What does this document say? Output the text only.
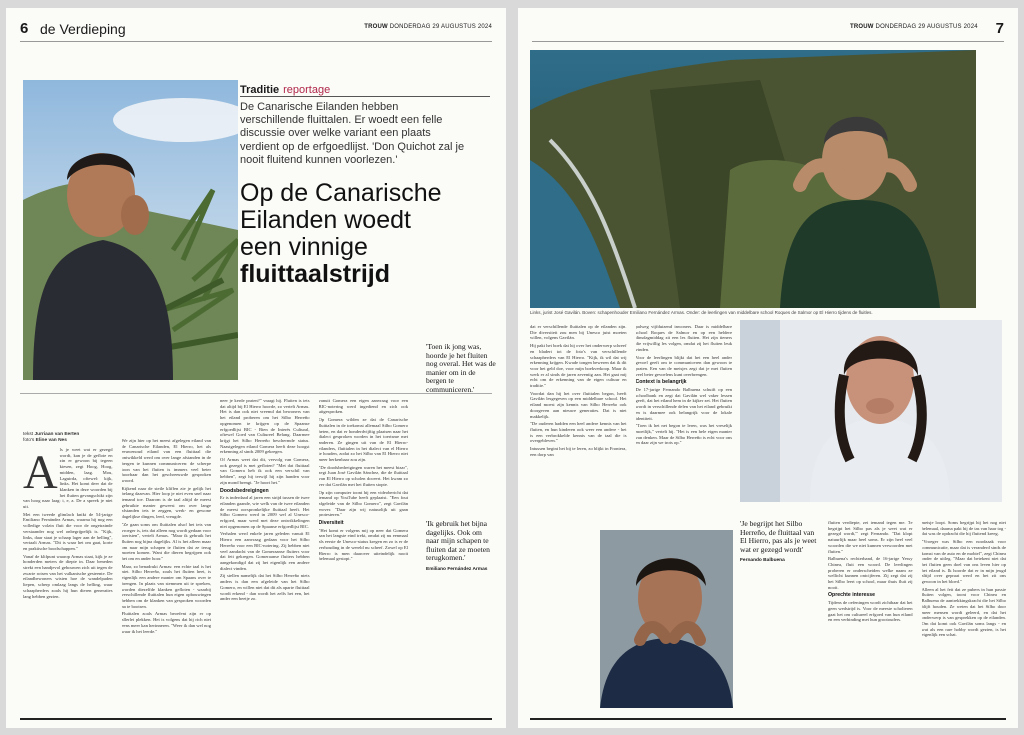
6 de Verdieping	TROUW DONDERDAG 29 AUGUSTUS 2024
Traditie reportage

De Canarische Eilanden hebben verschillende fluittalen. Er woedt een felle discussie over welke variant een plaats verdient op de erfgoedlijst. 'Don Quichot zal je nooit fluitend kunnen voorlezen.'

Op de Canarische
Eilanden woedt
een vinnige
fluittaalstrijd

'Toen ik jong was, hoorde je het fluiten nog overal. Het was de manier om in de bergen te communiceren.'

tekst Jurriaan van Eerten
foto's Eline van Nes
A ls je weet wat er gezegd wordt, kan je de geflote en zin er gewoon bij tegeen kiesen, zegt Hoog, Hoog, midden, laag. Mou, Laguirda, oftewel: kijk, links. Het komt deer dat de klanken in deze woorden bij het fluiten gevangschikt zijn van hoog naar laag: i, e, a. De a spreek je niet uit.

Met een tweede glimlach knikt de 54-jarige Emiliano Fernández Armas, waarna hij nog een volledige volzin fluit die voor de ongetrainde verstaander nog wel onbegrijpelijk is. "Kijk, links, daar staat je schaap lager aan de helling", vertaalt Armas. "Dit is waar het om gaat, korte en praktische boodschappen."

Vanaf de klifpunt waarop Armas staat, kijk je ze honderden meters de diepte in. Daar beneden strekt een handjevol gebouwen zich uit tegen de zwarte rotsen van het vulkanische gesteente. De eilandbewoners wisten hoe de wandelpaden liepen, scherp omlaag langs de helling, waar schaapherders zoals hij hun dieren generaties lang hebben gezien.

We zijn hier op het meest afgelegen eiland van de Canarische Eilanden, El Hierro, het als eeuwenoud eiland van een fluittaal die ontwikkeld werd om over lange afstanden in de bergen te kunnen communiceren: de scherpe toon van het fluiten is immers veel beter hoorbaar dan het geschreeuwde gesproken woord.

Kijkend naar de steile kliffen zie je gelijk het belang daarvan. Hier loop je niet even snel naar iemand toe. Daarom is de taal altijd de meest gebruikte manier geweest om over lange afstanden iets te zeggen, werk- en gewone dagelijkse dingen, leed, vreugde.

"Ze gaan soms om fluittalen alsof het iets van vroeger is, iets dat alleen nog wordt gedaan voor toeristen", vertelt Armas. "Maar ik gebruik het fluiten nog bijna dagelijks. Al is het alleen maar om naar mijn schapen te fluiten dat ze terug moeten komen. Want die dieren begrijpen ook het om en ander hoor."

Maar, zo benadrukt Armas: een echte taal is het niet. Silbo Herreño, zoals het fluiten heet, is eigenlijk een andere manier om Spaans over te brengen. In plaats van stemmen uit te spreken, worden diezelfde klanken gefloten - waarbij verschillende fluittalen hun eigen opbouwingen hebben om de klanken van gesproken woorden na te bootsen.

Fluittalen zoals Armas beoefent zijn er op allerlei plekken. Het is volgens dat hij rich niet eens meer kan herinneren. "Weer ik dan wel nog waar ik het leerde."

neer je kerde praten?" vraagt hij. Fluiten is iets dat altijd bij El Hierro hoorde, zo vertelt Armas. Het is dan ook niet vreemd dat bewoners van het eiland proberen om het Silbo Herreño opgenomen te krijgen op de Spaanse erfgoedlijst BIC - Bien de Interés Cultural, oftewel Goed van Cultureel Belang. Daarmee krijgt het Silbo Herreño beschermde status. Naastgelegen eiland Gomera heeft deze hoogst erkenning al sinds 2009 gekregen.

Of Armas weet dat dit, vervolg van Gomera, ook gezegd is met gefloten? "Met dat fluittaal van Gomera heb ik ook een verschil van hebben", zegt hij terwijl hij zijn handen voor zijn mond brengt. "Je hoort het."

Doodsbedreigingen

Er is inderdaad al jaren een strijd tussen de twee eilanden gaande, wie welk van de twee eilanden de meest oorspronkelijke fluittaal heeft. Het Silbo Gomero werd in 2009 wel al Unesco-erfgoed, maar werd met deze ontwikkelingen niet opgenomen op de Spaanse erfgoedlijst BIC.

Verhalen werd enkele jaren geleden vanuit El Hierro een aanvraag gedaan voor het Silbo Herreño voor een BIC-notering. Zij hebben niet veel aandacht van de Gomeraanse fluiters voor dat feit gekregen. Gomeraanse fluiters hebben aangekondigd dat zij het eigenlijk een andere dialect vinden.

Zij stellen namelijk dat het Silbo Herreño niets anders is dan een afgeleide van het Silbo Gomero, en willen niet dat dit als aparte fluittaal wordt erkend - dan wordt het zelfs het een, het ander een beetje zo.

vanuit Gomera een eigen aanvraag voor een BIC-notering werd ingediend en zich ook uitgesproken.

Op Gomera wilden ze dat de Canarische fluittalen in de toekomst allemaal Silbo Gomero heten, en dat er honderdvijftig plaatsen naar het dialect gesproken worden in het toerisme met anderen. Ze gingen uit van de El Hierro-eilanders, fluittalen in het dialect van el Hierro te houden, zodat zo het Silbo van El Hierro niet meer herkenbaar zou zijn.

"De doodsbedreigingen waren het meest bizar", zegt Juan José Gavilán Sánchez, die de fluittaal van El Hierro op scholen doceert. Het kwam zo ver dat Gavilán met het fluiten stopte.

Op zijn computer toont hij een videobericht dat iemand op YouTube heeft geplaatst. "Een fout afgeleide van de Silbo Gomero", zegt Gavilán erover. "Daar zijn wij natuurlijk uit gaan protesteren."

Diversiteit

"Het komt er volgens mij op neer dat Gomera aan het langste eind trekt, omdat zij nu eenmaal als eerste de Unesco-status kregen en zo is er de verhouding in de wereld nu scheef. Zowel op El Hierro is men daarover uiteindelijk nooit helemaal gestopt."

'Ik gebruik het bijna dagelijks. Ook om naar mijn schapen te fluiten dat ze moeten terugkomen.'

Emiliano Fernández Armas
TROUW DONDERDAG 29 AUGUSTUS 2024 7

Links, jurist José Gavilán. Boven: schapenhouder Emiliano Fernández Armas. Onder: de leerlingen van middelbare school Roques de Salmor op El Hierro tijdens de fluitles.

dat er verschillende fluittalen op de eilanden zijn. Die diversiteit zou men bij Unesco juist moeten willen, volgens Gavilán.

Hij pakt het boek dat hij over het onderwerp schreef en bladert tot de foto's van verschillende schaapherders van El Hierro. "Kijk, ik wil dat wij erkenning krijgen. Kwade tongen beweren dat ik dit voor het geld doe, voor mijn boekverkoop. Maar ik werk er al sinds de jaren zeventig aan. Het gaat mij echt om de erkenning van de eigen cultuur en traditie."

Voordat dan hij het over fluittalen begon, heeft Gavilán lesgegeven op een middelbare school. Het eiland moest zijn kennis van Silbo Herreño ook doorgeven aan nieuwe generaties. Dat is niet makkelijk.

"De ouderen hadden een heel andere kennis van het fluiten, en hun kinderen ook weer een andere - het is een verbrokkelde kennis van de taal die is overgebleven."

Intussen begint het bij te leren, zo blijkt in Frontera, een dorp van

palweg vijfduizend inwoners. Daar is middelbare school Roques de Salmor en op een heldere dinsdagmiddag zit een les fluiten. Het zijn tieners die vrijwillig les volgen, omdat zij het fluiten leuk vinden.

Voor de leerlingen blijkt dat het een heel ander gevoel geeft om te communiceren dan gewoon te praten. Een van de meisjes zegt dat je met fluiten veel beter gevoelens kunt overbrengen.

Context is belangrijk

De 17-jarige Fernando Balbuena schuift op een schoolbank en zegt dat Gavilán wel vaker lessen geeft, dat het eiland hem in de kijker zet. Het fluiten wordt in verschillende delen van het eiland gebruikt en is daarmee ook belangrijk voor de lokale identiteit.

"Toen ik het net begon te leren, was het vreselijk moeilijk," vertelt hij. "Het is een hele eigen manier van denken. Maar de Silbo Herreño is echt voor ons en daar zijn we trots op."

'Je begrijpt het Silbo Herreño, de fluittaal van El Hierro, pas als je weet wat er gezegd wordt'

Fernando Balbuena

fluiten verdiepte, zei iemand tegen me. 'Je begrijpt het Silbo pas als je weet wat er gezegd wordt,'" zegt Fernando. "Dat klopt natuurlijk maar heel soms. Er zijn heel veel woorden die we niet kunnen verwoorden met fluiten."

Balbuena's rechterhand, de 16-jarige Yessy Chinea, fluit een woord. De leerlingen proberen er onderscheiden welke naam ze wellicht kunnen ontcijferen. Zij zegt dat zij het Silbo leert op school, maar thuis fluit zij nooit.

Oprechte interesse

Tijdens de oefeningen wordt zichtbaar dat het geen wedstrijd is. Voor de meeste scholieren gaat het om cultureel erfgoed van hun eiland en een verbinding met hun grootouders.

meisje loopt. Soms begrijpt hij het nog niet helemaal, daarna pakt hij de tas van haar tog - dat was de opdracht die hij fluitend kreeg.

"Vroeger was Silbo een noodzaak voor communicatie, maar dat is veranderd sinds de komst van de auto en de mobiel", zegt Chinea onder de uitleg. "Maar dat betekent niet dat het fluiten geen doel van ons leven hier op het eiland is. Ik hoorde dat er in mijn jeugd altijd over gepraat werd en het zit ons gewoon in het bloed."

Alleen al het feit dat ze pubers in hun passie fluiten volgen, toont voor Chinea en Balbuena de aantrekkingskracht die het Silbo blijft houden. Ze weten dat het Silbo door meer mensen wordt geleerd, en dat het onderwerp is van gesprekken op de eilanden. Om dat komt ook Gavilán soms langs - en wat als een rare hobby wordt gezien, is het eigenlijk een schat.
